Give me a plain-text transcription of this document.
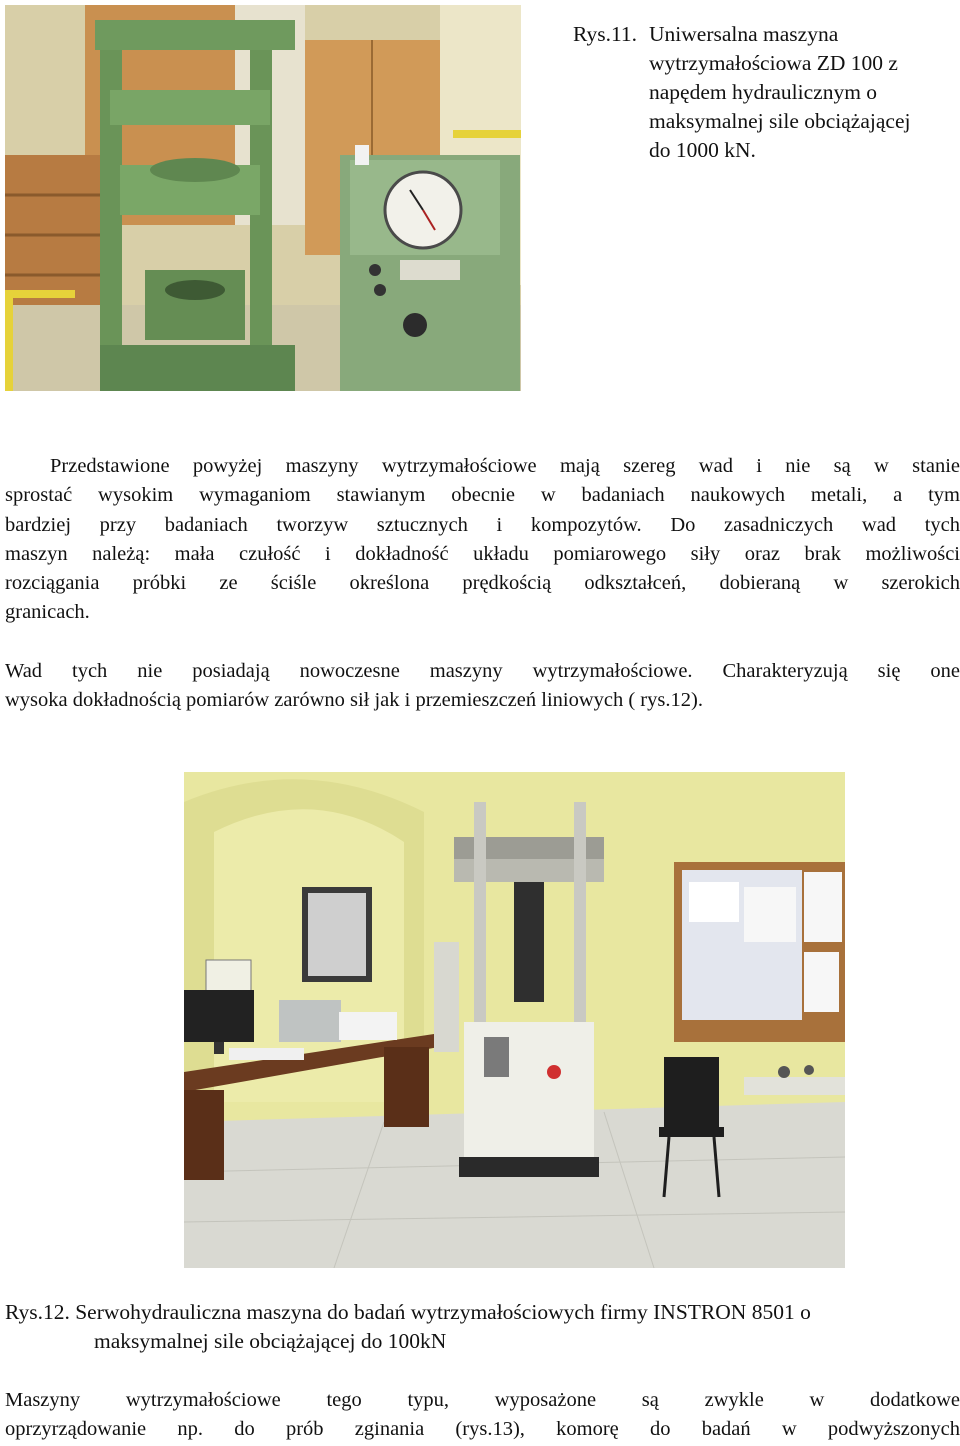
Rys.11. Uniwersalna maszyna
wytrzymałościowa ZD 100 z
napędem hydraulicznym o
maksymalnej sile obciążającej
do 1000 kN.
Przedstawione powyżej maszyny wytrzymałościowe mają szereg wad i nie są w stanie
sprostać wysokim wymaganiom stawianym obecnie w badaniach naukowych metali, a tym
bardziej przy badaniach tworzyw sztucznych i kompozytów. Do zasadniczych wad tych
maszyn należą: mała czułość i dokładność układu pomiarowego siły oraz brak możliwości
rozciągania próbki ze ściśle określona prędkością odkształceń, dobieraną w szerokich
granicach.
Wad tych nie posiadają nowoczesne maszyny wytrzymałościowe. Charakteryzują się one
wysoka dokładnością pomiarów zarówno sił jak i przemieszczeń liniowych ( rys.12).
Rys.12. Serwohydrauliczna maszyna do badań wytrzymałościowych firmy INSTRON 8501 o
maksymalnej sile obciążającej do 100kN
Maszyny wytrzymałościowe tego typu, wyposażone są zwykle w dodatkowe
oprzyrządowanie np. do prób zginania (rys.13), komorę do badań w podwyższonych
